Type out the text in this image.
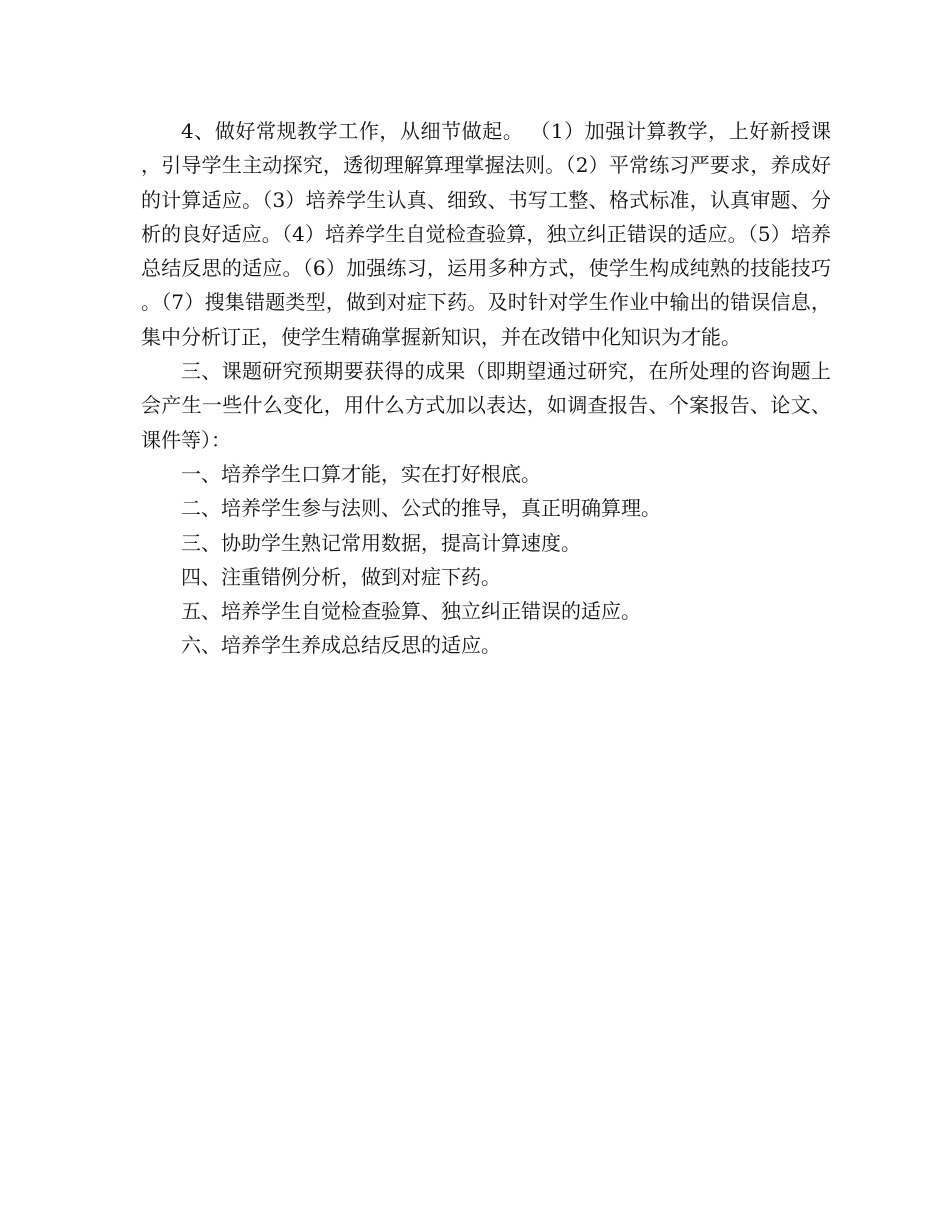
4、做好常规教学工作，从细节做起。 （1）加强计算教学，上好新授课，引导学生主动探究，透彻理解算理掌握法则。（2）平常练习严要求，养成好的计算适应。（3）培养学生认真、细致、书写工整、格式标准，认真审题、分析的良好适应。（4）培养学生自觉检查验算，独立纠正错误的适应。（5）培养总结反思的适应。（6）加强练习，运用多种方式，使学生构成纯熟的技能技巧。（7）搜集错题类型，做到对症下药。及时针对学生作业中输出的错误信息，集中分析订正，使学生精确掌握新知识，并在改错中化知识为才能。

三、课题研究预期要获得的成果（即期望通过研究，在所处理的咨询题上会产生一些什么变化，用什么方式加以表达，如调查报告、个案报告、论文、课件等）：

一、培养学生口算才能，实在打好根底。

二、培养学生参与法则、公式的推导，真正明确算理。

三、协助学生熟记常用数据，提高计算速度。

四、注重错例分析，做到对症下药。

五、培养学生自觉检查验算、独立纠正错误的适应。

六、培养学生养成总结反思的适应。
